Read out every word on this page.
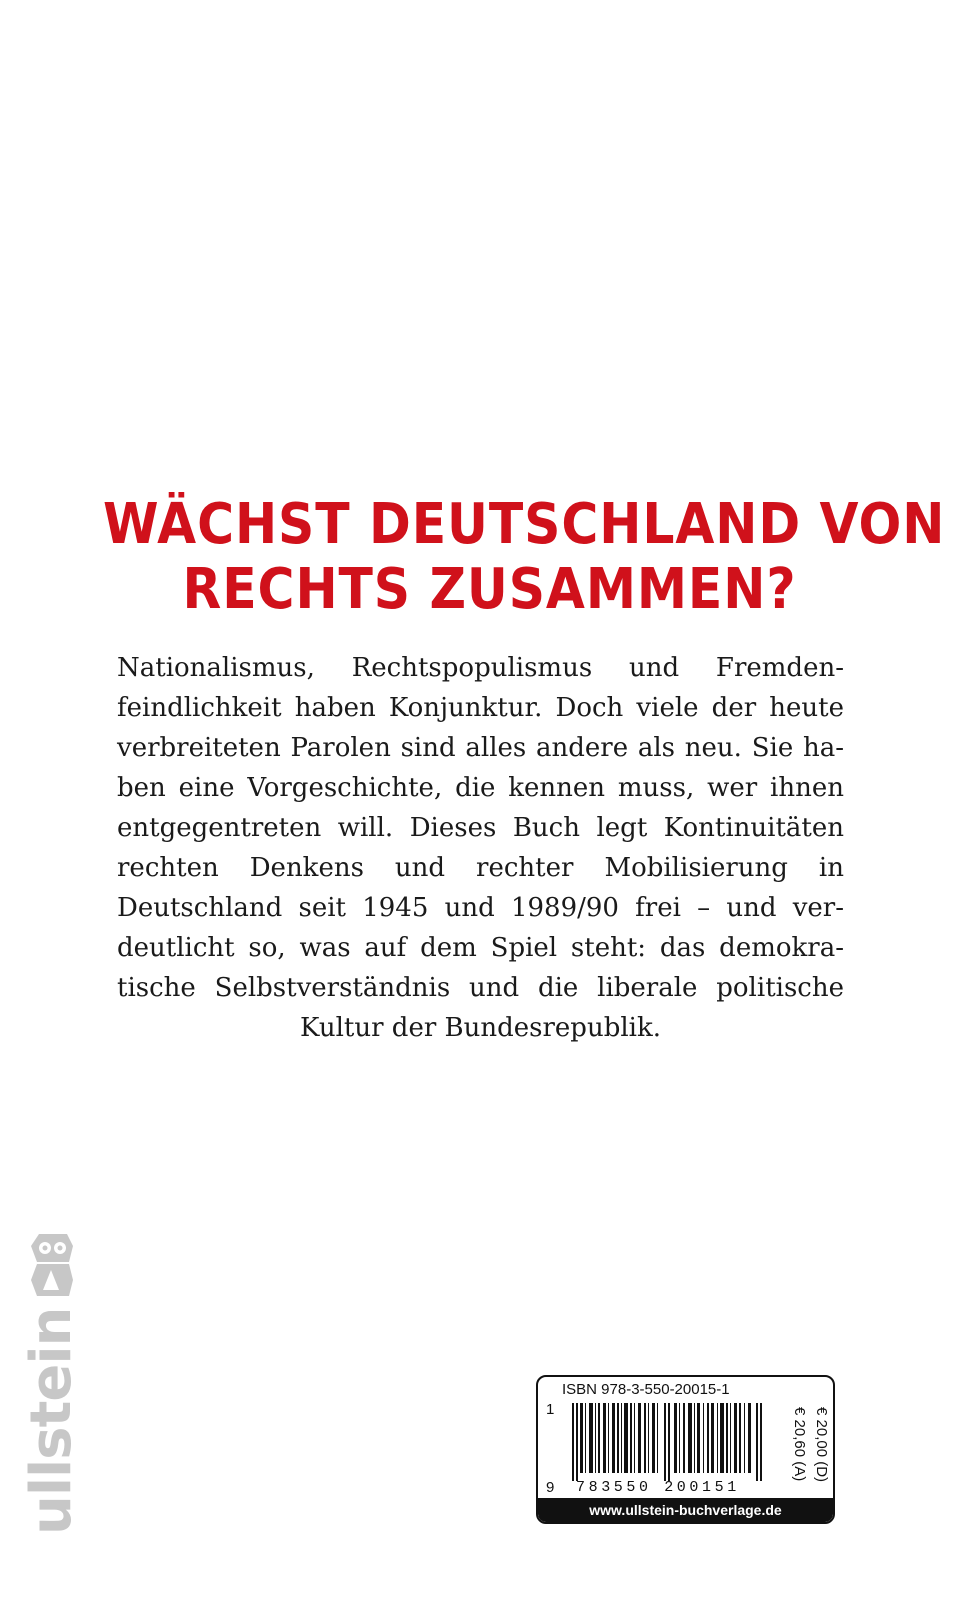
WÄCHST DEUTSCHLAND VON
RECHTS ZUSAMMEN?
Nationalismus, Rechtspopulismus und Fremden-
feindlichkeit haben Konjunktur. Doch viele der heute
verbreiteten Parolen sind alles andere als neu. Sie ha-
ben eine Vorgeschichte, die kennen muss, wer ihnen
entgegentreten will. Dieses Buch legt Kontinuitäten
rechten Denkens und rechter Mobilisierung in
Deutschland seit 1945 und 1989/90 frei – und ver-
deutlicht so, was auf dem Spiel steht: das demokra-
tische Selbstverständnis und die liberale politische
Kultur der Bundesrepublik.
ullstein	ISBN 978-3-550-20015-1
1
9 783550 200151
€ 20,00 (D)
€ 20,60 (A)
www.ullstein-buchverlage.de
